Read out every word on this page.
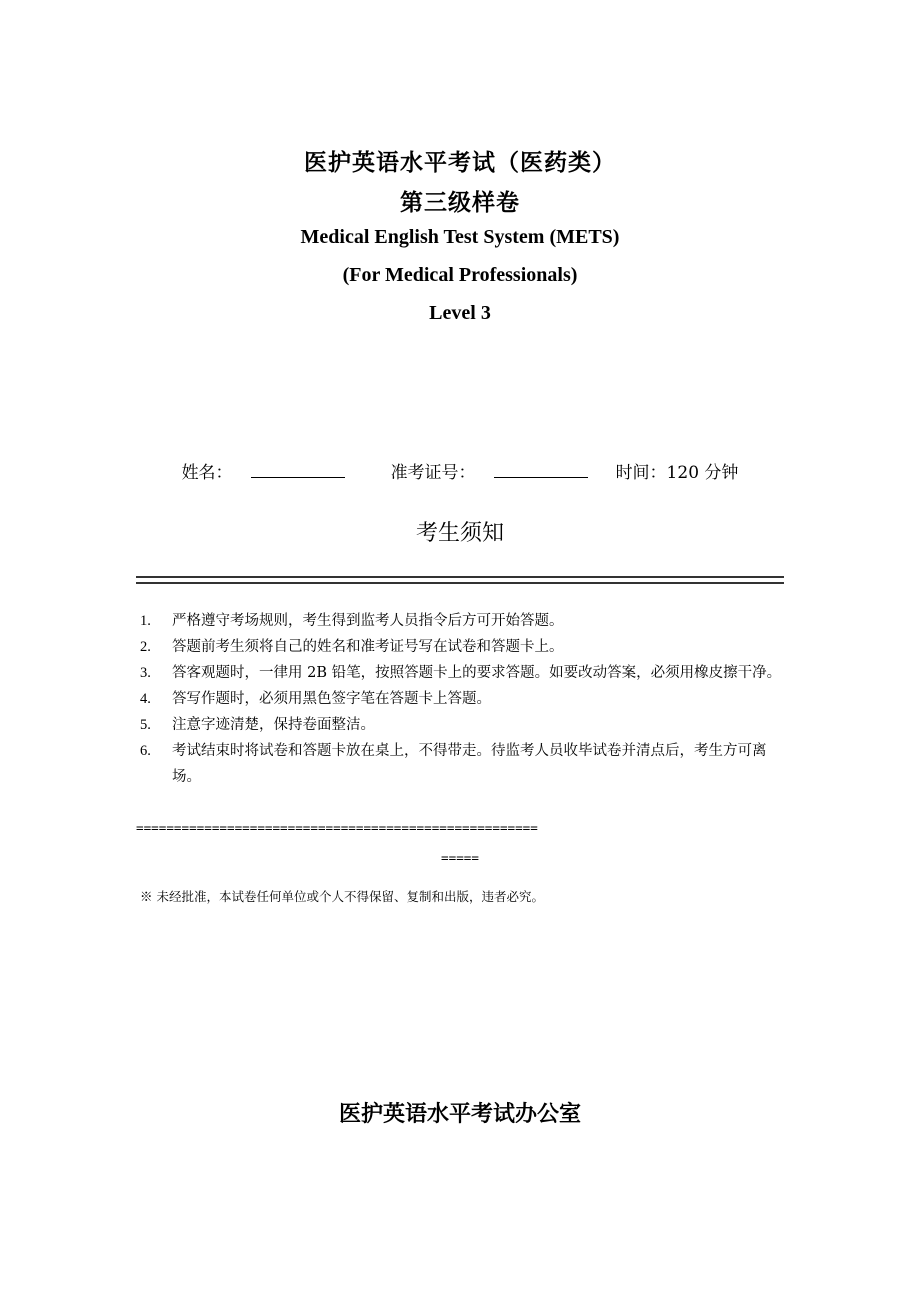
医护英语水平考试（医药类）
第三级样卷
Medical English Test System (METS)
(For Medical Professionals)
Level 3
姓名：	准考证号：	时间：120 分钟
考生须知
1.	严格遵守考场规则，考生得到监考人员指令后方可开始答题。
2.	答题前考生须将自己的姓名和准考证号写在试卷和答题卡上。
3.	答客观题时，一律用 2B 铅笔，按照答题卡上的要求答题。如要改动答案，必须用橡皮擦干净。
4.	答写作题时，必须用黑色签字笔在答题卡上答题。
5.	注意字迹清楚，保持卷面整洁。
6.	考试结束时将试卷和答题卡放在桌上，不得带走。待监考人员收毕试卷并清点后，考生方可离场。
=====================================================
=====
※ 未经批准，本试卷任何单位或个人不得保留、复制和出版，违者必究。
医护英语水平考试办公室
